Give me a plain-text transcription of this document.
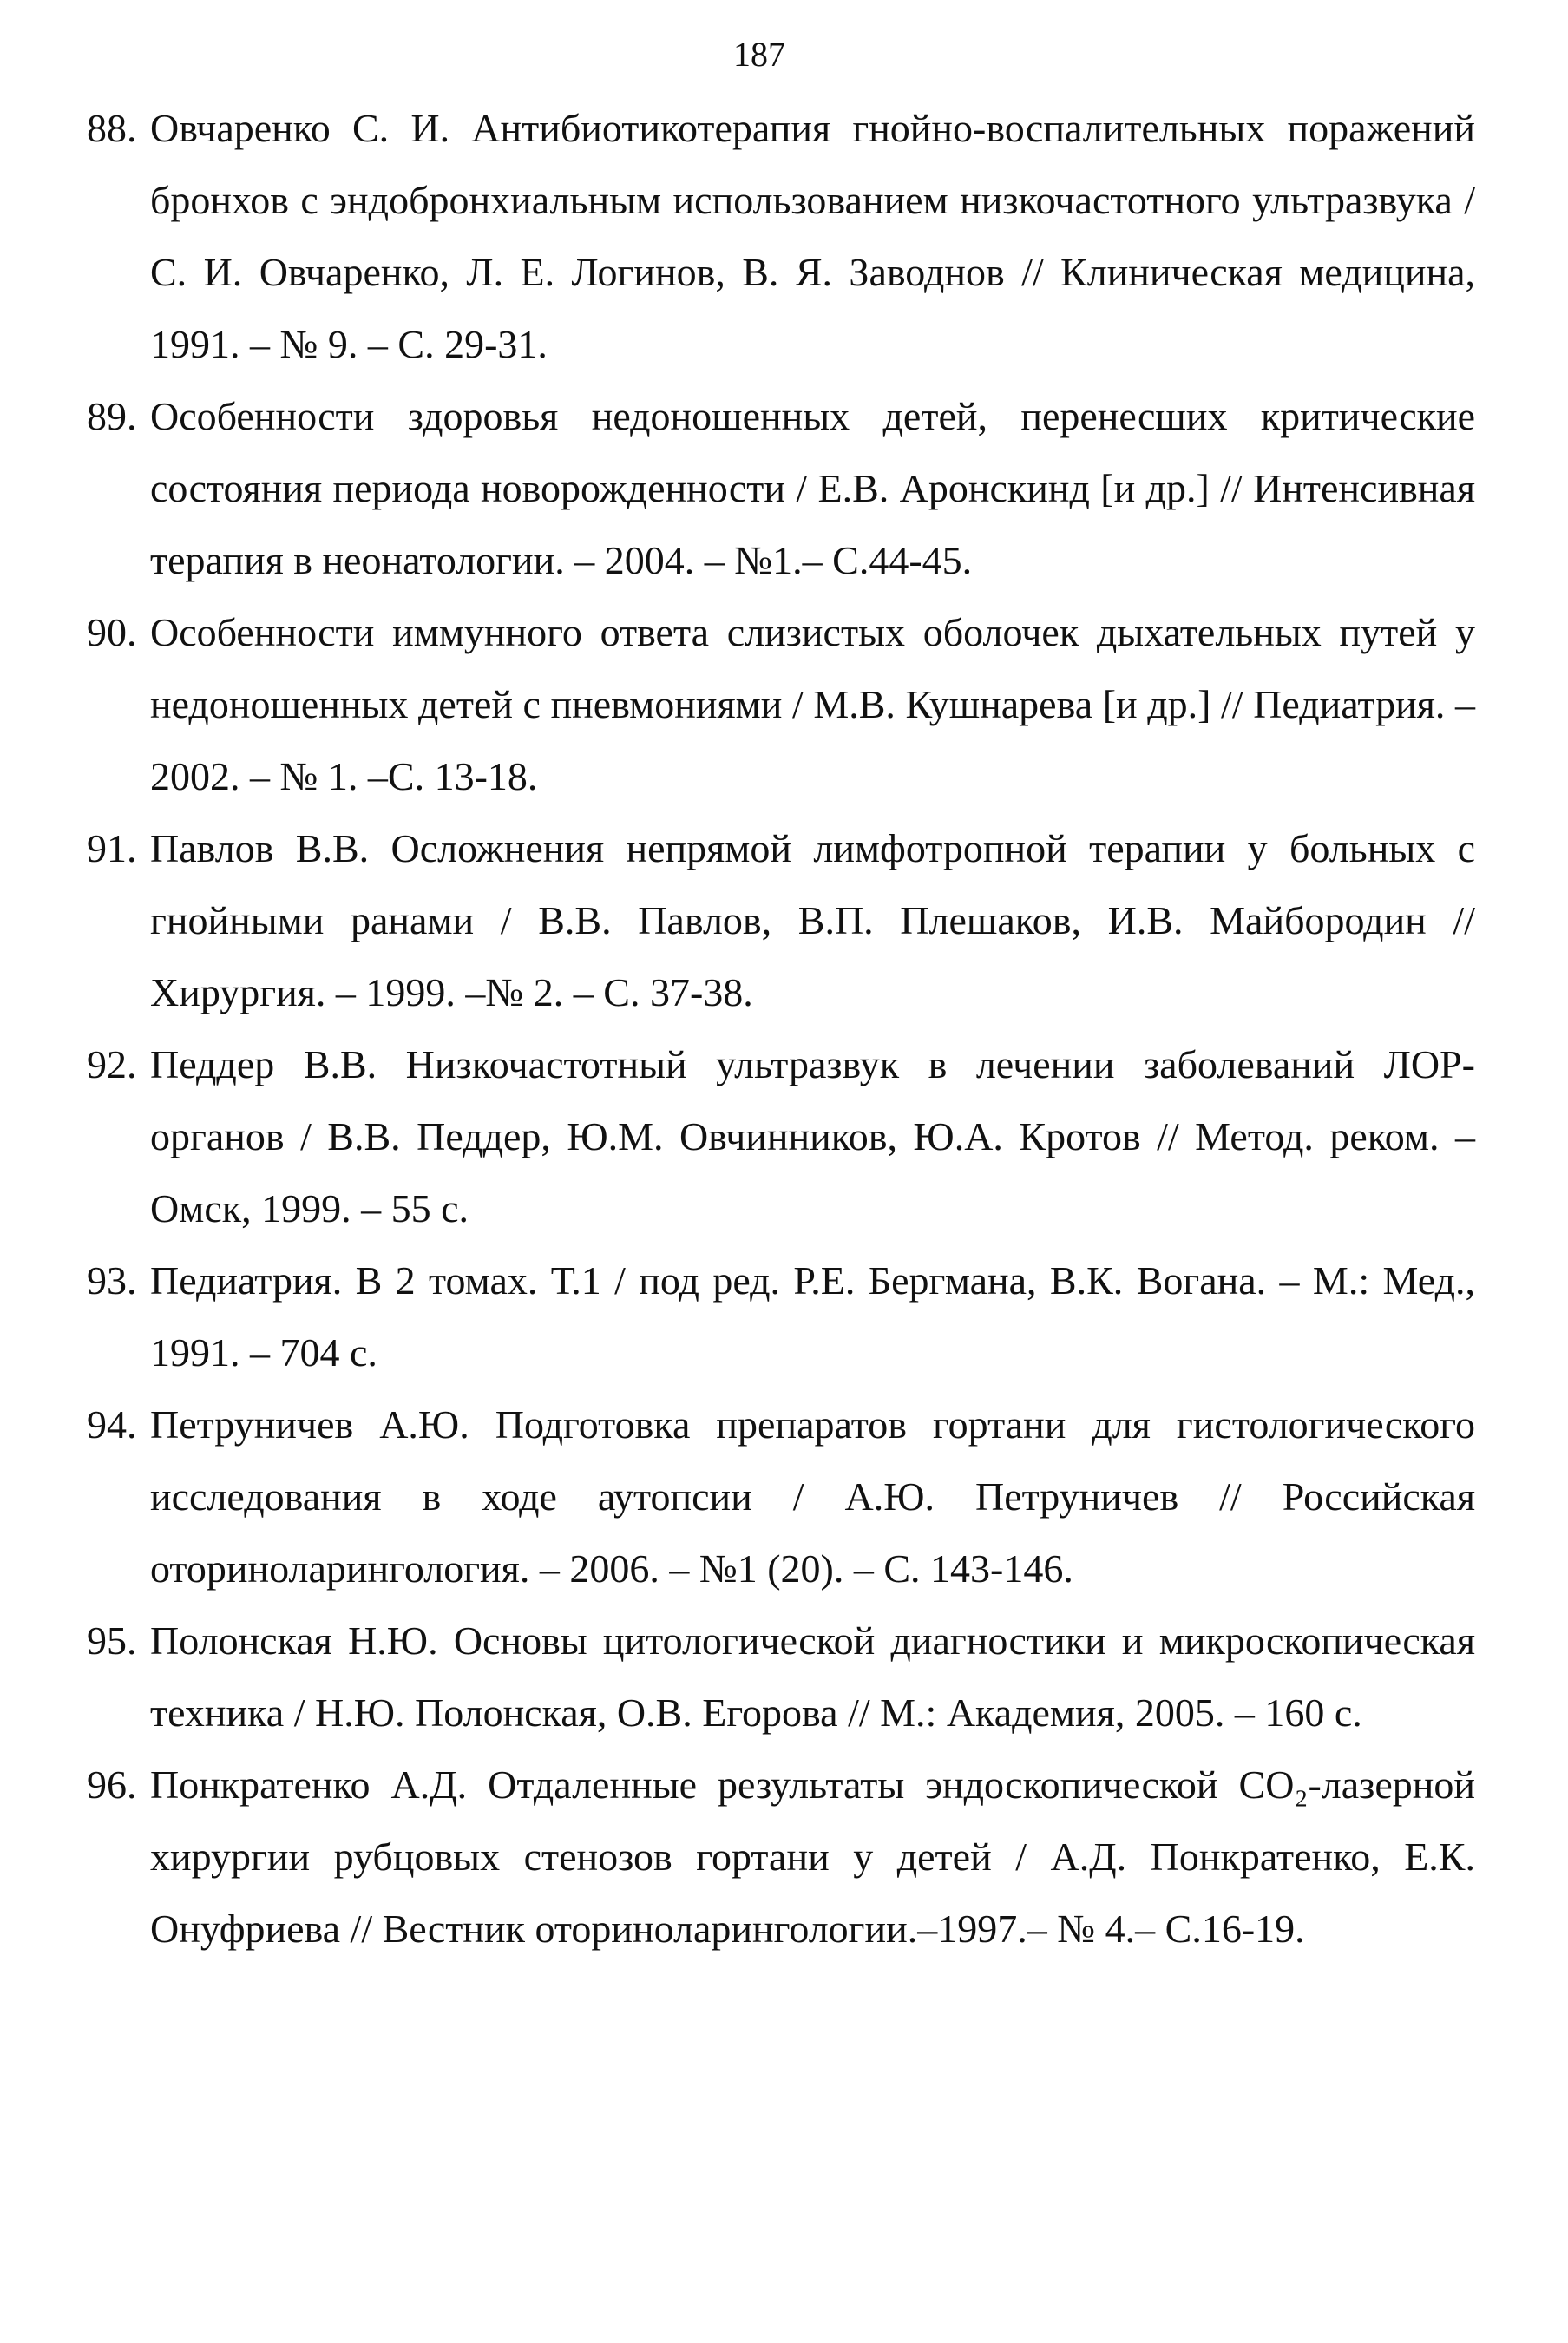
187
88. Овчаренко С. И. Антибиотикотерапия гнойно-воспалительных поражений бронхов с эндобронхиальным использованием низкочастотного ультразвука / С. И. Овчаренко, Л. Е. Логинов, В. Я. Заводнов // Клиническая медицина, 1991. – № 9. – С. 29-31.

89. Особенности здоровья недоношенных детей, перенесших критические состояния периода новорожденности / Е.В. Аронскинд [и др.] // Интенсивная терапия в неонатологии. – 2004. – №1.– С.44-45.

90. Особенности иммунного ответа слизистых оболочек дыхательных путей у недоношенных детей с пневмониями / М.В. Кушнарева [и др.] // Педиатрия. – 2002. – № 1. –С. 13-18.

91. Павлов В.В. Осложнения непрямой лимфотропной терапии у больных с гнойными ранами / В.В. Павлов, В.П. Плешаков, И.В. Майбородин // Хирургия. – 1999. –№ 2. – С. 37-38.

92. Педдер В.В. Низкочастотный ультразвук в лечении заболеваний ЛОР-органов / В.В. Педдер, Ю.М. Овчинников, Ю.А. Кротов // Метод. реком. – Омск, 1999. – 55 с.

93. Педиатрия. В 2 томах. Т.1 / под ред. Р.Е. Бергмана, В.К. Вогана. – М.: Мед., 1991. – 704 с.

94. Петруничев А.Ю. Подготовка препаратов гортани для гистологического исследования в ходе аутопсии / А.Ю. Петруничев // Российская оториноларингология. – 2006. – №1 (20). – С. 143-146.

95. Полонская Н.Ю. Основы цитологической диагностики и микроскопическая техника / Н.Ю. Полонская, О.В. Егорова // М.: Академия, 2005. – 160 с.

96. Понкратенко А.Д. Отдаленные результаты эндоскопической СО₂-лазерной хирургии рубцовых стенозов гортани у детей / А.Д. Понкратенко, Е.К. Онуфриева // Вестник оториноларингологии.–1997.– № 4.– С.16-19.
